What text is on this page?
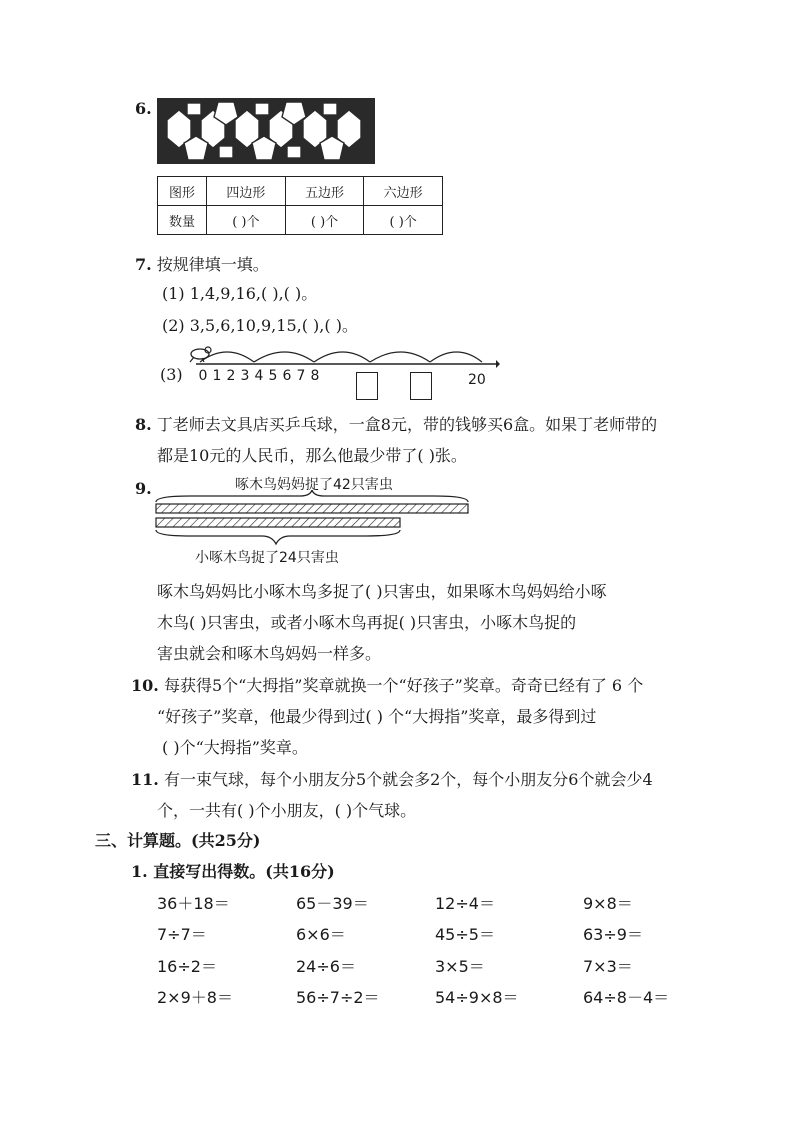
6.
图形	四边形	五边形	六边形
数量	( )个	( )个	( )个
7. 按规律填一填。
(1) 1,4,9,16,( ),( )。
(2) 3,5,6,10,9,15,( ),( )。
(3) 0 1 2 3 4 5 6 7 8	20
8. 丁老师去文具店买乒乓球，一盒8元，带的钱够买6盒。如果丁老师带的
都是10元的人民币，那么他最少带了( )张。
9.	啄木鸟妈妈捉了42只害虫
小啄木鸟捉了24只害虫
啄木鸟妈妈比小啄木鸟多捉了( )只害虫，如果啄木鸟妈妈给小啄
木鸟( )只害虫，或者小啄木鸟再捉( )只害虫，小啄木鸟捉的
害虫就会和啄木鸟妈妈一样多。
10. 每获得5个“大拇指”奖章就换一个“好孩子”奖章。奇奇已经有了 6 个
“好孩子”奖章，他最少得到过( ) 个“大拇指”奖章，最多得到过
( )个“大拇指”奖章。
11. 有一束气球，每个小朋友分5个就会多2个，每个小朋友分6个就会少4
个，一共有( )个小朋友，( )个气球。
三、计算题。(共25分)
1. 直接写出得数。(共16分)
36＋18＝	65－39＝	12÷4＝	9×8＝
7÷7＝	6×6＝	45÷5＝	63÷9＝
16÷2＝	24÷6＝	3×5＝	7×3＝
2×9＋8＝	56÷7÷2＝	54÷9×8＝	64÷8－4＝
